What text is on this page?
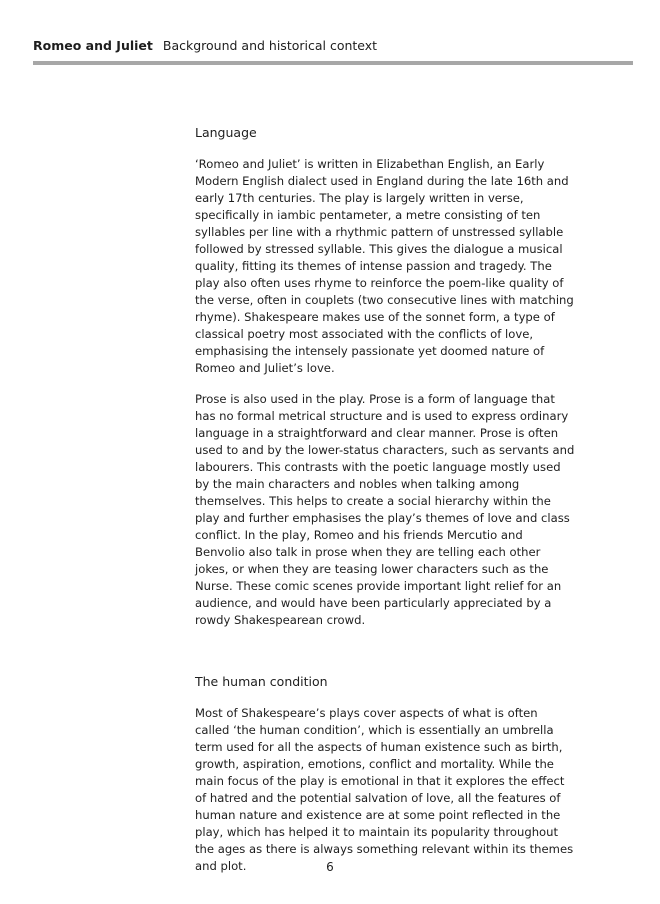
Romeo and Juliet Background and historical context
Language

‘Romeo and Juliet’ is written in Elizabethan English, an Early Modern English dialect used in England during the late 16th and early 17th centuries. The play is largely written in verse, specifically in iambic pentameter, a metre consisting of ten syllables per line with a rhythmic pattern of unstressed syllable followed by stressed syllable. This gives the dialogue a musical quality, fitting its themes of intense passion and tragedy. The play also often uses rhyme to reinforce the poem-like quality of the verse, often in couplets (two consecutive lines with matching rhyme). Shakespeare makes use of the sonnet form, a type of classical poetry most associated with the conflicts of love, emphasising the intensely passionate yet doomed nature of Romeo and Juliet’s love.

Prose is also used in the play. Prose is a form of language that has no formal metrical structure and is used to express ordinary language in a straightforward and clear manner. Prose is often used to and by the lower-status characters, such as servants and labourers. This contrasts with the poetic language mostly used by the main characters and nobles when talking among themselves. This helps to create a social hierarchy within the play and further emphasises the play’s themes of love and class conflict. In the play, Romeo and his friends Mercutio and Benvolio also talk in prose when they are telling each other jokes, or when they are teasing lower characters such as the Nurse. These comic scenes provide important light relief for an audience, and would have been particularly appreciated by a rowdy Shakespearean crowd.

The human condition

Most of Shakespeare’s plays cover aspects of what is often called ‘the human condition’, which is essentially an umbrella term used for all the aspects of human existence such as birth, growth, aspiration, emotions, conflict and mortality. While the main focus of the play is emotional in that it explores the effect of hatred and the potential salvation of love, all the features of human nature and existence are at some point reflected in the play, which has helped it to maintain its popularity throughout the ages as there is always something relevant within its themes and plot.	6
